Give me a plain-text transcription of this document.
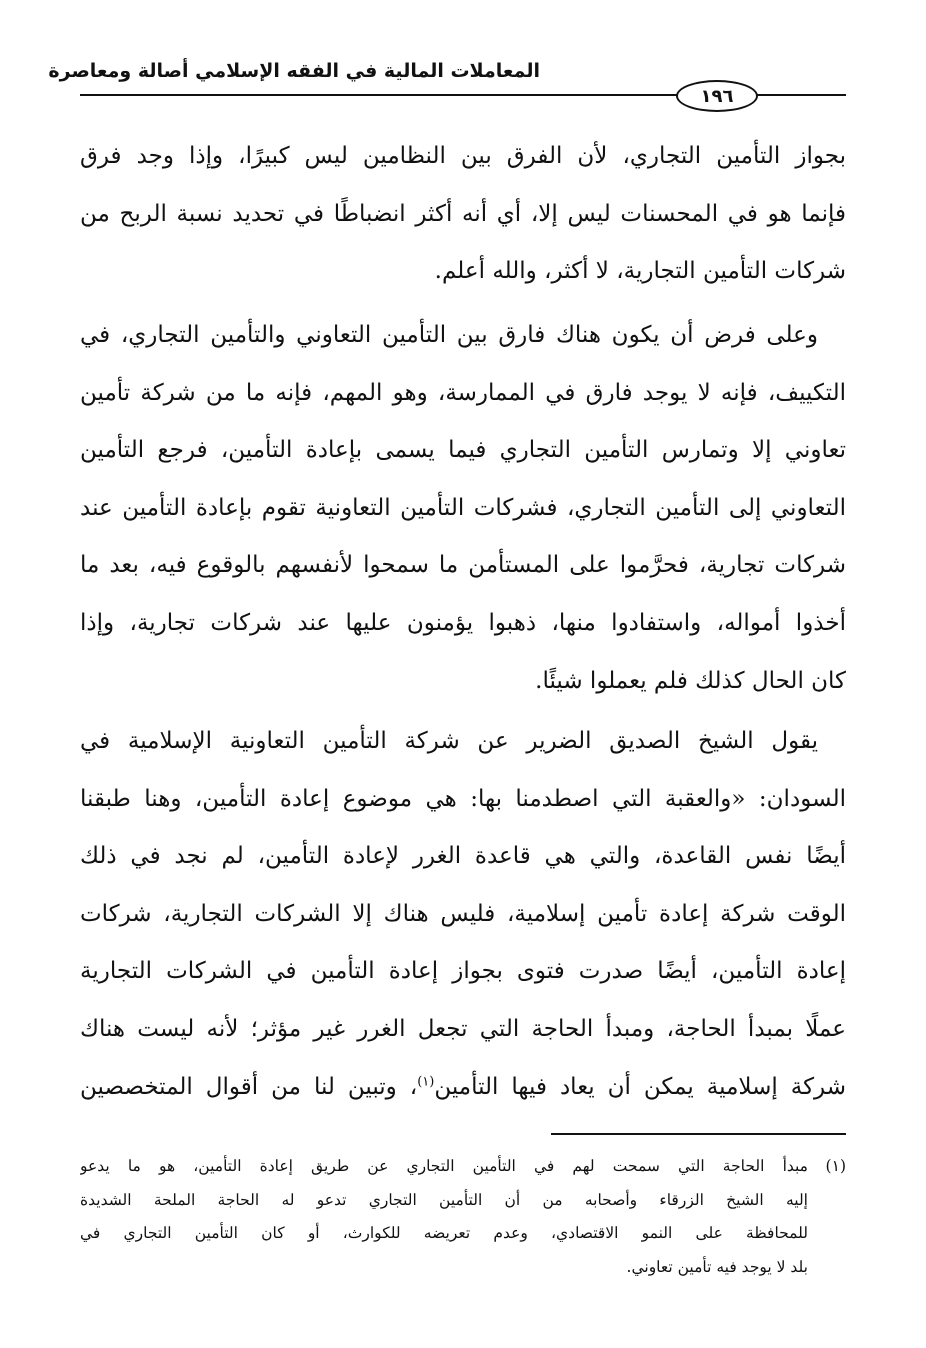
المعاملات المالية في الفقه الإسلامي أصالة ومعاصرة
١٩٦
بجواز التأمين التجاري، لأن الفرق بين النظامين ليس كبيرًا، وإذا وجد فرق
فإنما هو في المحسنات ليس إلا، أي أنه أكثر انضباطًا في تحديد نسبة الربح من
شركات التأمين التجارية، لا أكثر، والله أعلم.
وعلى فرض أن يكون هناك فارق بين التأمين التعاوني والتأمين التجاري، في
التكييف، فإنه لا يوجد فارق في الممارسة، وهو المهم، فإنه ما من شركة تأمين
تعاوني إلا وتمارس التأمين التجاري فيما يسمى بإعادة التأمين، فرجع التأمين
التعاوني إلى التأمين التجاري، فشركات التأمين التعاونية تقوم بإعادة التأمين عند
شركات تجارية، فحرَّموا على المستأمن ما سمحوا لأنفسهم بالوقوع فيه، بعد ما
أخذوا أمواله، واستفادوا منها، ذهبوا يؤمنون عليها عند شركات تجارية، وإذا
كان الحال كذلك فلم يعملوا شيئًا.
يقول الشيخ الصديق الضرير عن شركة التأمين التعاونية الإسلامية في
السودان: «والعقبة التي اصطدمنا بها: هي موضوع إعادة التأمين، وهنا طبقنا
أيضًا نفس القاعدة، والتي هي قاعدة الغرر لإعادة التأمين، لم نجد في ذلك
الوقت شركة إعادة تأمين إسلامية، فليس هناك إلا الشركات التجارية، شركات
إعادة التأمين، أيضًا صدرت فتوى بجواز إعادة التأمين في الشركات التجارية
عملًا بمبدأ الحاجة، ومبدأ الحاجة التي تجعل الغرر غير مؤثر؛ لأنه ليست هناك
شركة إسلامية يمكن أن يعاد فيها التأمين$^{(١)}$، وتبين لنا من أقوال المتخصصين
(١)مبدأ الحاجة التي سمحت لهم في التأمين التجاري عن طريق إعادة التأمين، هو ما يدعو
إليه الشيخ الزرقاء وأصحابه من أن التأمين التجاري تدعو له الحاجة الملحة الشديدة
للمحافظة على النمو الاقتصادي، وعدم تعريضه للكوارث، أو كان التأمين التجاري في
بلد لا يوجد فيه تأمين تعاوني.
